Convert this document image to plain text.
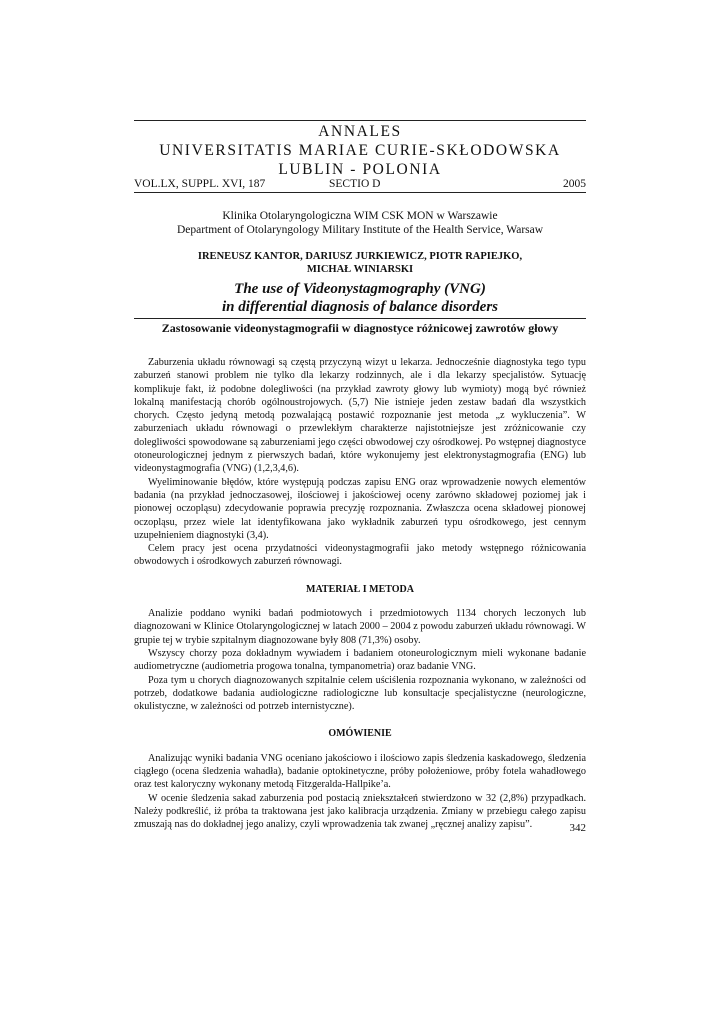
ANNALES
UNIVERSITATIS MARIAE CURIE-SKŁODOWSKA
LUBLIN - POLONIA
VOL.LX, SUPPL. XVI, 187	SECTIO D	2005
Klinika Otolaryngologiczna WIM CSK MON w Warszawie
Department of Otolaryngology Military Institute of the Health Service, Warsaw
IRENEUSZ KANTOR, DARIUSZ JURKIEWICZ, PIOTR RAPIEJKO,
MICHAŁ WINIARSKI
The use of Videonystagmography (VNG)
in differential diagnosis of balance disorders
Zastosowanie videonystagmografii w diagnostyce różnicowej zawrotów głowy

Zaburzenia układu równowagi są częstą przyczyną wizyt u lekarza. Jednocześnie diagnostyka tego typu zaburzeń stanowi problem nie tylko dla lekarzy rodzinnych, ale i dla lekarzy specjalistów. Sytuację komplikuje fakt, iż podobne dolegliwości (na przykład zawroty głowy lub wymioty) mogą być również lokalną manifestacją chorób ogólnoustrojowych. (5,7) Nie istnieje jeden zestaw badań dla wszystkich chorych. Często jedyną metodą pozwalającą postawić rozpoznanie jest metoda „z wykluczenia”. W zaburzeniach układu równowagi o przewlekłym charakterze najistotniejsze jest zróżnicowanie czy dolegliwości spowodowane są zaburzeniami jego części obwodowej czy ośrodkowej. Po wstępnej diagnostyce otoneurologicznej jednym z pierwszych badań, które wykonujemy jest elektronystagmografia (ENG) lub videonystagmografia (VNG) (1,2,3,4,6).

Wyeliminowanie błędów, które występują podczas zapisu ENG oraz wprowadzenie nowych elementów badania (na przykład jednoczasowej, ilościowej i jakościowej oceny zarówno składowej poziomej jak i pionowej oczopląsu) zdecydowanie poprawia precyzję rozpoznania. Zwłaszcza ocena składowej pionowej oczopląsu, przez wiele lat identyfikowana jako wykładnik zaburzeń typu ośrodkowego, jest cennym uzupełnieniem diagnostyki (3,4).

Celem pracy jest ocena przydatności videonystagmografii jako metody wstępnego różnicowania obwodowych i ośrodkowych zaburzeń równowagi.

MATERIAŁ I METODA

Analizie poddano wyniki badań podmiotowych i przedmiotowych 1134 chorych leczonych lub diagnozowani w Klinice Otolaryngologicznej w latach 2000 – 2004 z powodu zaburzeń układu równowagi. W grupie tej w trybie szpitalnym diagnozowane były 808 (71,3%) osoby.

Wszyscy chorzy poza dokładnym wywiadem i badaniem otoneurologicznym mieli wykonane badanie audiometryczne (audiometria progowa tonalna, tympanometria) oraz badanie VNG.

Poza tym u chorych diagnozowanych szpitalnie celem uściślenia rozpoznania wykonano, w zależności od potrzeb, dodatkowe badania audiologiczne radiologiczne lub konsultacje specjalistyczne (neurologiczne, okulistyczne, w zależności od potrzeb internistyczne).

OMÓWIENIE

Analizując wyniki badania VNG oceniano jakościowo i ilościowo zapis śledzenia kaskadowego, śledzenia ciągłego (ocena śledzenia wahadła), badanie optokinetyczne, próby położeniowe, próby fotela wahadłowego oraz test kaloryczny wykonany metodą Fitzgeralda-Hallpike’a.

W ocenie śledzenia sakad zaburzenia pod postacią zniekształceń stwierdzono w 32 (2,8%) przypadkach. Należy podkreślić, iż próba ta traktowana jest jako kalibracja urządzenia. Zmiany w przebiegu całego zapisu zmuszają nas do dokładnej jego analizy, czyli wprowadzenia tak zwanej „ręcznej analizy zapisu”.	342
